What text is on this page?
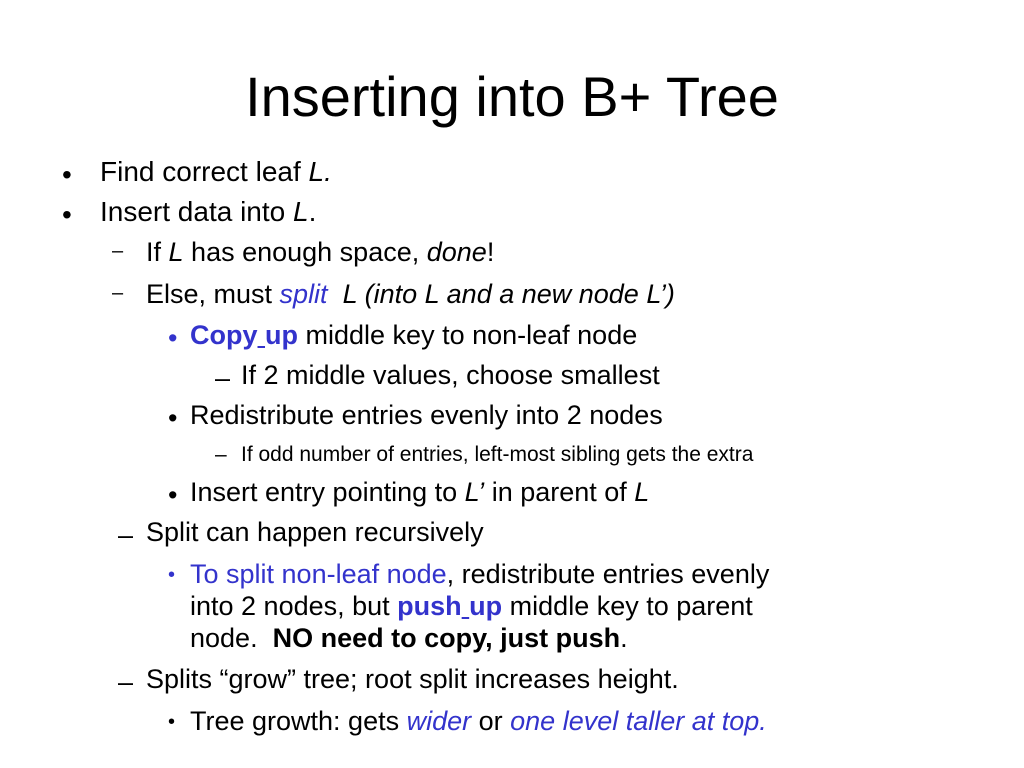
Inserting into B+ Tree
• Find correct leaf L.
• Insert data into L.
– If L has enough space, done!
– Else, must split L (into L and a new node L’)
• Copy up middle key to non-leaf node
– If 2 middle values, choose smallest
• Redistribute entries evenly into 2 nodes
– If odd number of entries, left-most sibling gets the extra
• Insert entry pointing to L’ in parent of L
– Split can happen recursively
• To split non-leaf node, redistribute entries evenly
into 2 nodes, but push up middle key to parent
node.  NO need to copy, just push.
– Splits “grow” tree; root split increases height.
• Tree growth: gets wider or one level taller at top.
